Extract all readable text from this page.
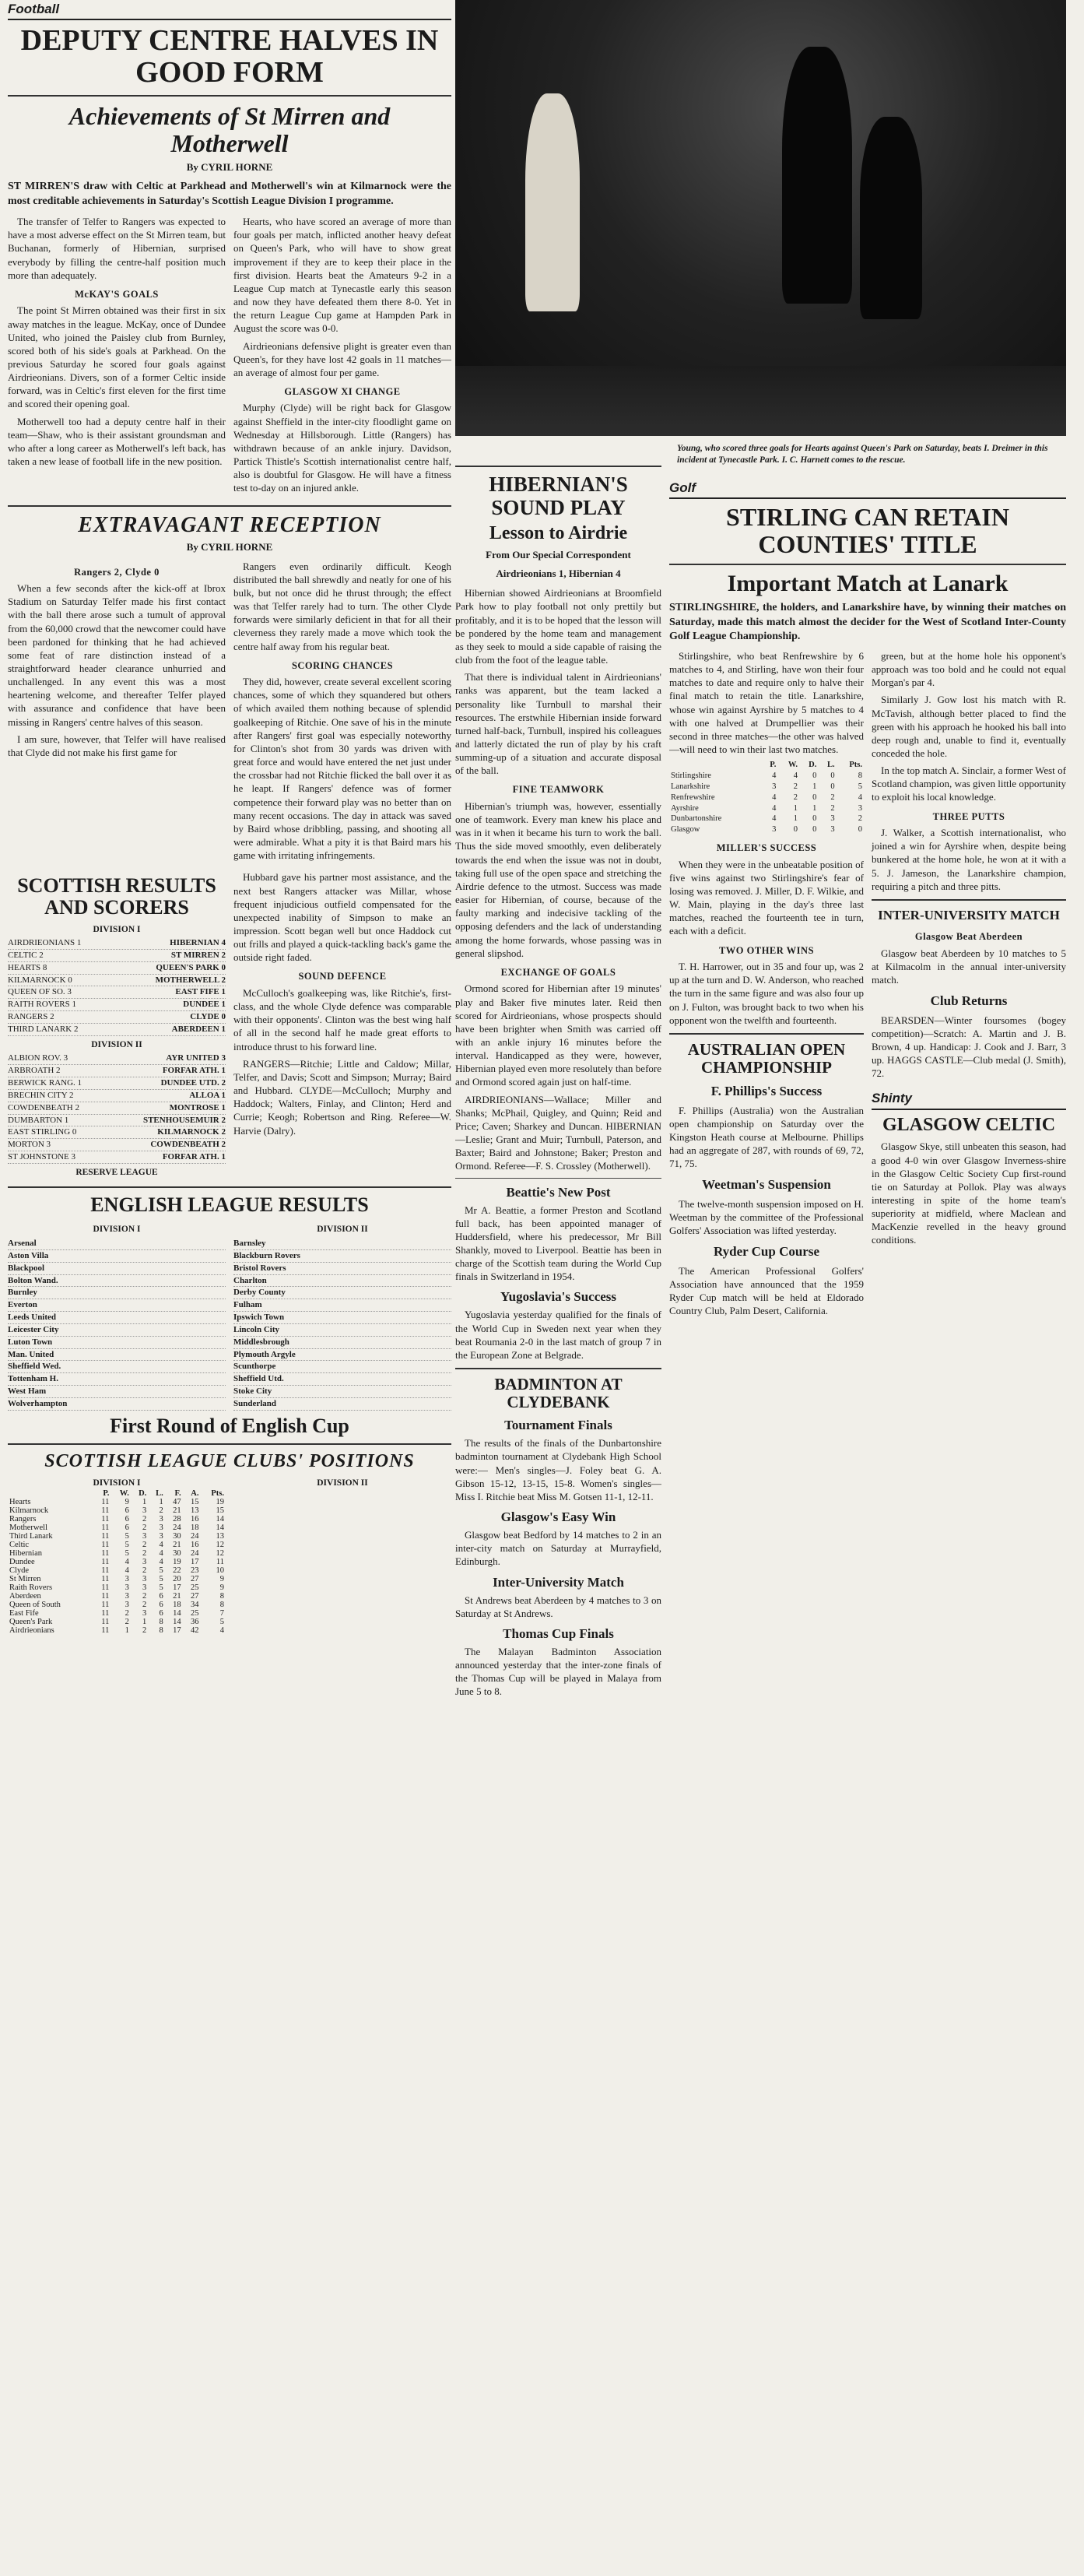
Football
DEPUTY CENTRE HALVES IN GOOD FORM
Achievements of St Mirren and Motherwell
By CYRIL HORNE
ST MIRREN'S draw with Celtic at Parkhead and Motherwell's win at Kilmarnock were the most creditable achievements in Saturday's Scottish League Division I programme.

The transfer of Telfer to Rangers was expected to have a most adverse effect on the St Mirren team, but Buchanan, formerly of Hibernian, surprised everybody by filling the centre-half position much more than adequately.

McKAY'S GOALS

The point St Mirren obtained was their first in six away matches in the league. McKay, once of Dundee United, who joined the Paisley club from Burnley, scored both of his side's goals at Parkhead. On the previous Saturday he scored four goals against Airdrieonians. Divers, son of a former Celtic inside forward, was in Celtic's first eleven for the first time and scored their opening goal.

Motherwell too had a deputy centre half in their team—Shaw, who is their assistant groundsman and who after a long career as Motherwell's left back, has taken a new lease of football life in the new position.

Hearts, who have scored an average of more than four goals per match, inflicted another heavy defeat on Queen's Park, who will have to show great improvement if they are to keep their place in the first division. Hearts beat the Amateurs 9-2 in a League Cup match at Tynecastle early this season and now they have defeated them there 8-0. Yet in the return League Cup game at Hampden Park in August the score was 0-0.

Airdrieonians defensive plight is greater even than Queen's, for they have lost 42 goals in 11 matches—an average of almost four per game.

GLASGOW XI CHANGE

Murphy (Clyde) will be right back for Glasgow against Sheffield in the inter-city floodlight game on Wednesday at Hillsborough. Little (Rangers) has withdrawn because of an ankle injury. Davidson, Partick Thistle's Scottish internationalist centre half, also is doubtful for Glasgow. He will have a fitness test to-day on an injured ankle.

EXTRAVAGANT RECEPTION
By CYRIL HORNE
Rangers 2, Clyde 0

When a few seconds after the kick-off at Ibrox Stadium on Saturday Telfer made his first contact with the ball there arose such a tumult of approval from the 60,000 crowd that the newcomer could have been pardoned for thinking that he had achieved some feat of rare distinction instead of a straightforward header clearance unhurried and unchallenged. In any event this was a most heartening welcome, and thereafter Telfer played with assurance and confidence that have been missing in Rangers' centre halves of this season.

I am sure, however, that Telfer will have realised that Clyde did not make his first game for

Rangers even ordinarily difficult. Keogh distributed the ball shrewdly and neatly for one of his bulk, but not once did he thrust through; the effect was that Telfer rarely had to turn. The other Clyde forwards were similarly deficient in that for all their cleverness they rarely made a move which took the centre half away from his regular beat.

SCORING CHANCES

They did, however, create several excellent scoring chances, some of which they squandered but others of which availed them nothing because of splendid goalkeeping of Ritchie. One save of his in the minute after Rangers' first goal was especially noteworthy for Clinton's shot from 30 yards was driven with great force and would have entered the net just under the crossbar had not Ritchie flicked the ball over it as he leapt. If Rangers' defence was of former competence their forward play was no better than on many recent occasions. The day in attack was saved by Baird whose dribbling, passing, and shooting all were admirable. What a pity it is that Baird mars his game with irritating infringements.

SCOTTISH RESULTS AND SCORERS
DIVISION I
AIRDRIEONIANS 1	HIBERNIAN 4
CELTIC 2	ST MIRREN 2
HEARTS 8	QUEEN'S PARK 0
KILMARNOCK 0	MOTHERWELL 2
QUEEN OF SO. 3	EAST FIFE 1
RAITH ROVERS 1	DUNDEE 1
RANGERS 2	CLYDE 0
THIRD LANARK 2	ABERDEEN 1
DIVISION II
ALBION ROV. 3	AYR UNITED 3
ARBROATH 2	FORFAR ATH. 1
BERWICK RANG. 1	DUNDEE UTD. 2
BRECHIN CITY 2	ALLOA 1
COWDENBEATH 2	MONTROSE 1
DUMBARTON 1	STENHOUSEMUIR 2
EAST STIRLING 0	KILMARNOCK 2
MORTON 3	COWDENBEATH 2
ST JOHNSTONE 3	FORFAR ATH. 1
RESERVE LEAGUE

Hubbard gave his partner most assistance, and the next best Rangers attacker was Millar, whose frequent injudicious outfield compensated for the unexpected inability of Simpson to make an impression. Scott began well but once Haddock cut out frills and played a quick-tackling back's game the outside right faded.

SOUND DEFENCE

McCulloch's goalkeeping was, like Ritchie's, first-class, and the whole Clyde defence was comparable with their opponents'. Clinton was the best wing half of all in the second half he made great efforts to introduce thrust to his forward line.

RANGERS—Ritchie; Little and Caldow; Millar, Telfer, and Davis; Scott and Simpson; Murray; Baird and Hubbard. CLYDE—McCulloch; Murphy and Haddock; Walters, Finlay, and Clinton; Herd and Currie; Keogh; Robertson and Ring. Referee—W. Harvie (Dalry).

ENGLISH LEAGUE RESULTS
DIVISION I
Arsenal
Aston Villa
Blackpool
Bolton Wand.
Burnley
Everton
Leeds United
Leicester City
Luton Town
Man. United
Sheffield Wed.
Tottenham H.
West Ham
Wolverhampton
DIVISION II
Barnsley
Blackburn Rovers
Bristol Rovers
Charlton
Derby County
Fulham
Ipswich Town
Lincoln City
Middlesbrough
Plymouth Argyle
Scunthorpe
Sheffield Utd.
Stoke City
Sunderland
First Round of English Cup
SCOTTISH LEAGUE CLUBS' POSITIONS
DIVISION I
	P.	W.	D.	L.	F.	A.	Pts.
Hearts	11	9	1	1	47	15	19
Kilmarnock	11	6	3	2	21	13	15
Rangers	11	6	2	3	28	16	14
Motherwell	11	6	2	3	24	18	14
Third Lanark	11	5	3	3	30	24	13
Celtic	11	5	2	4	21	16	12
Hibernian	11	5	2	4	30	24	12
Dundee	11	4	3	4	19	17	11
Clyde	11	4	2	5	22	23	10
St Mirren	11	3	3	5	20	27	9
Raith Rovers	11	3	3	5	17	25	9
Aberdeen	11	3	2	6	21	27	8
Queen of South	11	3	2	6	18	34	8
East Fife	11	2	3	6	14	25	7
Queen's Park	11	2	1	8	14	36	5
Airdrieonians	11	1	2	8	17	42	4
DIVISION II
HIBERNIAN'S SOUND PLAY
Lesson to Airdrie
From Our Special Correspondent
Airdrieonians 1, Hibernian 4

Hibernian showed Airdrieonians at Broomfield Park how to play football not only prettily but profitably, and it is to be hoped that the lesson will be pondered by the home team and management as they seek to mould a side capable of raising the club from the foot of the league table.

That there is individual talent in Airdrieonians' ranks was apparent, but the team lacked a personality like Turnbull to marshal their resources. The erstwhile Hibernian inside forward turned half-back, Turnbull, inspired his colleagues and latterly dictated the run of play by his craft summing-up of a situation and accurate disposal of the ball.

FINE TEAMWORK

Hibernian's triumph was, however, essentially one of teamwork. Every man knew his place and was in it when it became his turn to work the ball. Thus the side moved smoothly, even deliberately towards the end when the issue was not in doubt, taking full use of the open space and stretching the Airdrie defence to the utmost. Success was made easier for Hibernian, of course, because of the faulty marking and indecisive tackling of the opposing defenders and the lack of understanding among the home forwards, whose passing was in general slipshod.

EXCHANGE OF GOALS

Ormond scored for Hibernian after 19 minutes' play and Baker five minutes later. Reid then scored for Airdrieonians, whose prospects should have been brighter when Smith was carried off with an ankle injury 16 minutes before the interval. Handicapped as they were, however, Hibernian played even more resolutely than before and Ormond scored again just on half-time.

AIRDRIEONIANS—Wallace; Miller and Shanks; McPhail, Quigley, and Quinn; Reid and Price; Caven; Sharkey and Duncan. HIBERNIAN—Leslie; Grant and Muir; Turnbull, Paterson, and Baxter; Baird and Johnstone; Baker; Preston and Ormond. Referee—F. S. Crossley (Motherwell).

Beattie's New Post

Mr A. Beattie, a former Preston and Scotland full back, has been appointed manager of Huddersfield, where his predecessor, Mr Bill Shankly, moved to Liverpool. Beattie has been in charge of the Scottish team during the World Cup finals in Switzerland in 1954.

Yugoslavia's Success

Yugoslavia yesterday qualified for the finals of the World Cup in Sweden next year when they beat Roumania 2-0 in the last match of group 7 in the European Zone at Belgrade.

BADMINTON AT CLYDEBANK
Tournament Finals

The results of the finals of the Dunbartonshire badminton tournament at Clydebank High School were:— Men's singles—J. Foley beat G. A. Gibson 15-12, 13-15, 15-8. Women's singles—Miss I. Ritchie beat Miss M. Gotsen 11-1, 12-11.

Glasgow's Easy Win

Glasgow beat Bedford by 14 matches to 2 in an inter-city match on Saturday at Murrayfield, Edinburgh.

Inter-University Match

St Andrews beat Aberdeen by 4 matches to 3 on Saturday at St Andrews.

Thomas Cup Finals

The Malayan Badminton Association announced yesterday that the inter-zone finals of the Thomas Cup will be played in Malaya from June 5 to 8.

Young, who scored three goals for Hearts against Queen's Park on Saturday, beats I. Dreimer in this incident at Tynecastle Park. I. C. Harnett comes to the rescue.
Golf
STIRLING CAN RETAIN COUNTIES' TITLE
Important Match at Lanark
STIRLINGSHIRE, the holders, and Lanarkshire have, by winning their matches on Saturday, made this match almost the decider for the West of Scotland Inter-County Golf League Championship.

Stirlingshire, who beat Renfrewshire by 6 matches to 4, and Stirling, have won their four matches to date and require only to halve their final match to retain the title. Lanarkshire, whose win against Ayrshire by 5 matches to 4 with one halved at Drumpellier was their second in three matches—the other was halved—will need to win their last two matches.

	P.	W.	D.	L.	Pts.
Stirlingshire	4	4	0	0	8
Lanarkshire	3	2	1	0	5
Renfrewshire	4	2	0	2	4
Ayrshire	4	1	1	2	3
Dunbartonshire	4	1	0	3	2
Glasgow	3	0	0	3	0
MILLER'S SUCCESS

When they were in the unbeatable position of five wins against two Stirlingshire's fear of losing was removed. J. Miller, D. F. Wilkie, and W. Main, playing in the day's three last matches, reached the fourteenth tee in turn, each with a deficit.

TWO OTHER WINS

T. H. Harrower, out in 35 and four up, was 2 up at the turn and D. W. Anderson, who reached the turn in the same figure and was also four up on J. Fulton, was brought back to two when his opponent won the twelfth and fourteenth.

AUSTRALIAN OPEN CHAMPIONSHIP
F. Phillips's Success

F. Phillips (Australia) won the Australian open championship on Saturday over the Kingston Heath course at Melbourne. Phillips had an aggregate of 287, with rounds of 69, 72, 71, 75.

Weetman's Suspension

The twelve-month suspension imposed on H. Weetman by the committee of the Professional Golfers' Association was lifted yesterday.

Ryder Cup Course

The American Professional Golfers' Association have announced that the 1959 Ryder Cup match will be held at Eldorado Country Club, Palm Desert, California.

green, but at the home hole his opponent's approach was too bold and he could not equal Morgan's par 4.

Similarly J. Gow lost his match with R. McTavish, although better placed to find the green with his approach he hooked his ball into deep rough and, unable to find it, eventually conceded the hole.

In the top match A. Sinclair, a former West of Scotland champion, was given little opportunity to exploit his local knowledge.

THREE PUTTS

J. Walker, a Scottish internationalist, who joined a win for Ayrshire when, despite being bunkered at the home hole, he won at it with a 5. J. Jameson, the Lanarkshire champion, requiring a pitch and three pitts.

INTER-UNIVERSITY MATCH
Glasgow Beat Aberdeen

Glasgow beat Aberdeen by 10 matches to 5 at Kilmacolm in the annual inter-university match.

Club Returns

BEARSDEN—Winter foursomes (bogey competition)—Scratch: A. Martin and J. B. Brown, 4 up. Handicap: J. Cook and J. Barr, 3 up. HAGGS CASTLE—Club medal (J. Smith), 72.

Shinty
GLASGOW CELTIC

Glasgow Skye, still unbeaten this season, had a good 4-0 win over Glasgow Inverness-shire in the Glasgow Celtic Society Cup first-round tie on Saturday at Pollok. Play was always interesting in spite of the home team's superiority at midfield, where Maclean and MacKenzie revelled in the heavy ground conditions.
